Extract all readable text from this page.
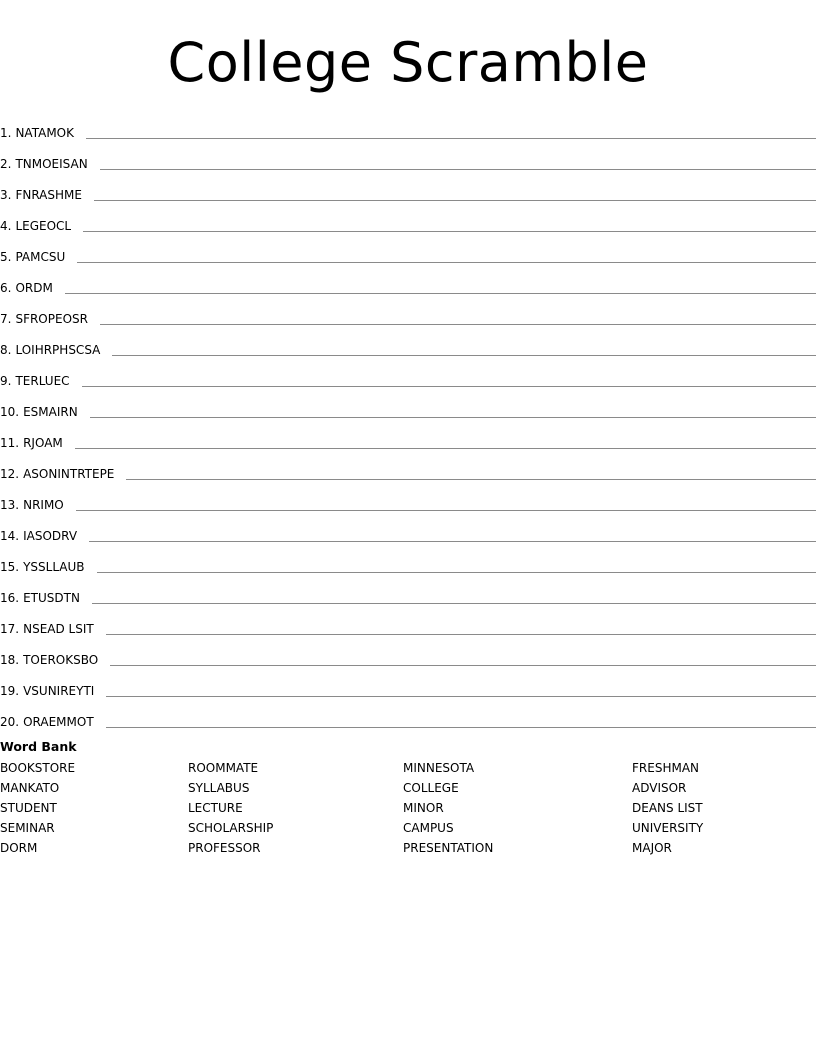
College Scramble
1. NATAMOK
2. TNMOEISAN
3. FNRASHME
4. LEGEOCL
5. PAMCSU
6. ORDM
7. SFROPEOSR
8. LOIHRPHSCSA
9. TERLUEC
10. ESMAIRN
11. RJOAM
12. ASONINTRTEPE
13. NRIMO
14. IASODRV
15. YSSLLAUB
16. ETUSDTN
17. NSEAD LSIT
18. TOEROKSBO
19. VSUNIREYTI
20. ORAEMMOT
Word Bank
BOOKSTORE
MANKATO
STUDENT
SEMINAR
DORM
ROOMMATE
SYLLABUS
LECTURE
SCHOLARSHIP
PROFESSOR
MINNESOTA
COLLEGE
MINOR
CAMPUS
PRESENTATION
FRESHMAN
ADVISOR
DEANS LIST
UNIVERSITY
MAJOR
